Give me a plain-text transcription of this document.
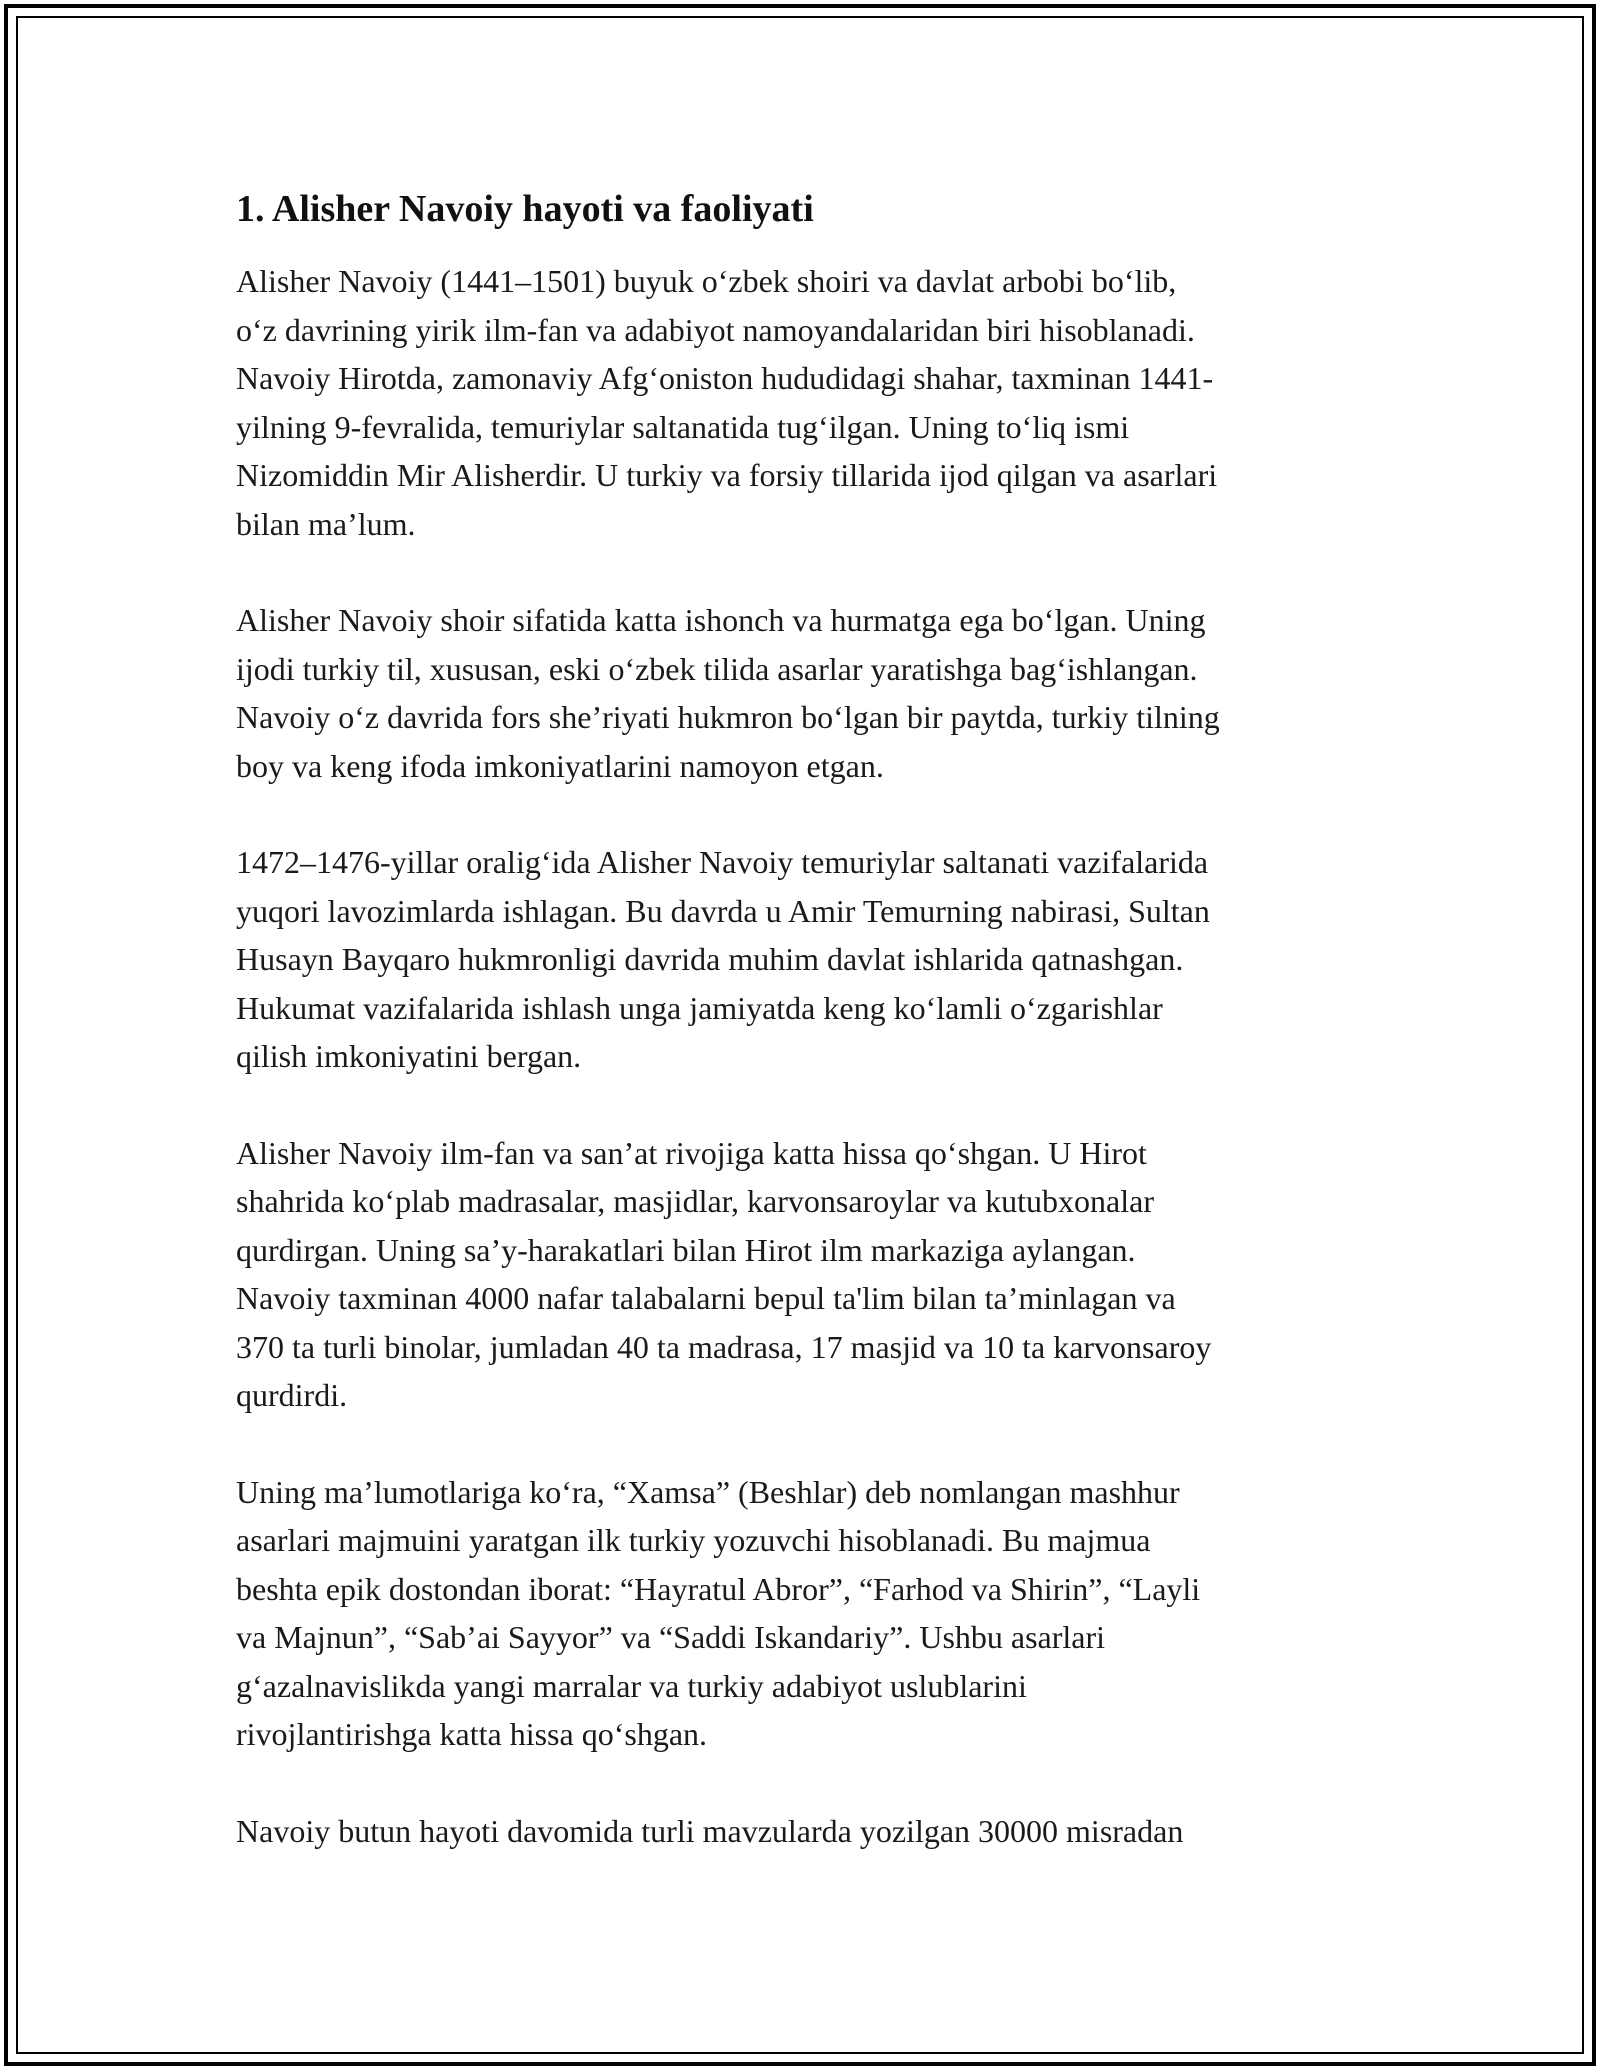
1. Alisher Navoiy hayoti va faoliyati

Alisher Navoiy (1441–1501) buyuk oʻzbek shoiri va davlat arbobi boʻlib,
oʻz davrining yirik ilm-fan va adabiyot namoyandalaridan biri hisoblanadi.
Navoiy Hirotda, zamonaviy Afgʻoniston hududidagi shahar, taxminan 1441-
yilning 9-fevralida, temuriylar saltanatida tugʻilgan. Uning toʻliq ismi
Nizomiddin Mir Alisherdir. U turkiy va forsiy tillarida ijod qilgan va asarlari
bilan maʼlum.

Alisher Navoiy shoir sifatida katta ishonch va hurmatga ega boʻlgan. Uning
ijodi turkiy til, xususan, eski oʻzbek tilida asarlar yaratishga bagʻishlangan.
Navoiy oʻz davrida fors sheʼriyati hukmron boʻlgan bir paytda, turkiy tilning
boy va keng ifoda imkoniyatlarini namoyon etgan.

1472–1476-yillar oraligʻida Alisher Navoiy temuriylar saltanati vazifalarida
yuqori lavozimlarda ishlagan. Bu davrda u Amir Temurning nabirasi, Sultan
Husayn Bayqaro hukmronligi davrida muhim davlat ishlarida qatnashgan.
Hukumat vazifalarida ishlash unga jamiyatda keng koʻlamli oʻzgarishlar
qilish imkoniyatini bergan.

Alisher Navoiy ilm-fan va sanʼat rivojiga katta hissa qoʻshgan. U Hirot
shahrida koʻplab madrasalar, masjidlar, karvonsaroylar va kutubxonalar
qurdirgan. Uning saʼy-harakatlari bilan Hirot ilm markaziga aylangan.
Navoiy taxminan 4000 nafar talabalarni bepul ta'lim bilan taʼminlagan va
370 ta turli binolar, jumladan 40 ta madrasa, 17 masjid va 10 ta karvonsaroy
qurdirdi.

Uning maʼlumotlariga koʻra, “Xamsa” (Beshlar) deb nomlangan mashhur
asarlari majmuini yaratgan ilk turkiy yozuvchi hisoblanadi. Bu majmua
beshta epik dostondan iborat: “Hayratul Abror”, “Farhod va Shirin”, “Layli
va Majnun”, “Sabʼai Sayyor” va “Saddi Iskandariy”. Ushbu asarlari
gʻazalnavislikda yangi marralar va turkiy adabiyot uslublarini
rivojlantirishga katta hissa qoʻshgan.

Navoiy butun hayoti davomida turli mavzularda yozilgan 30000 misradan
